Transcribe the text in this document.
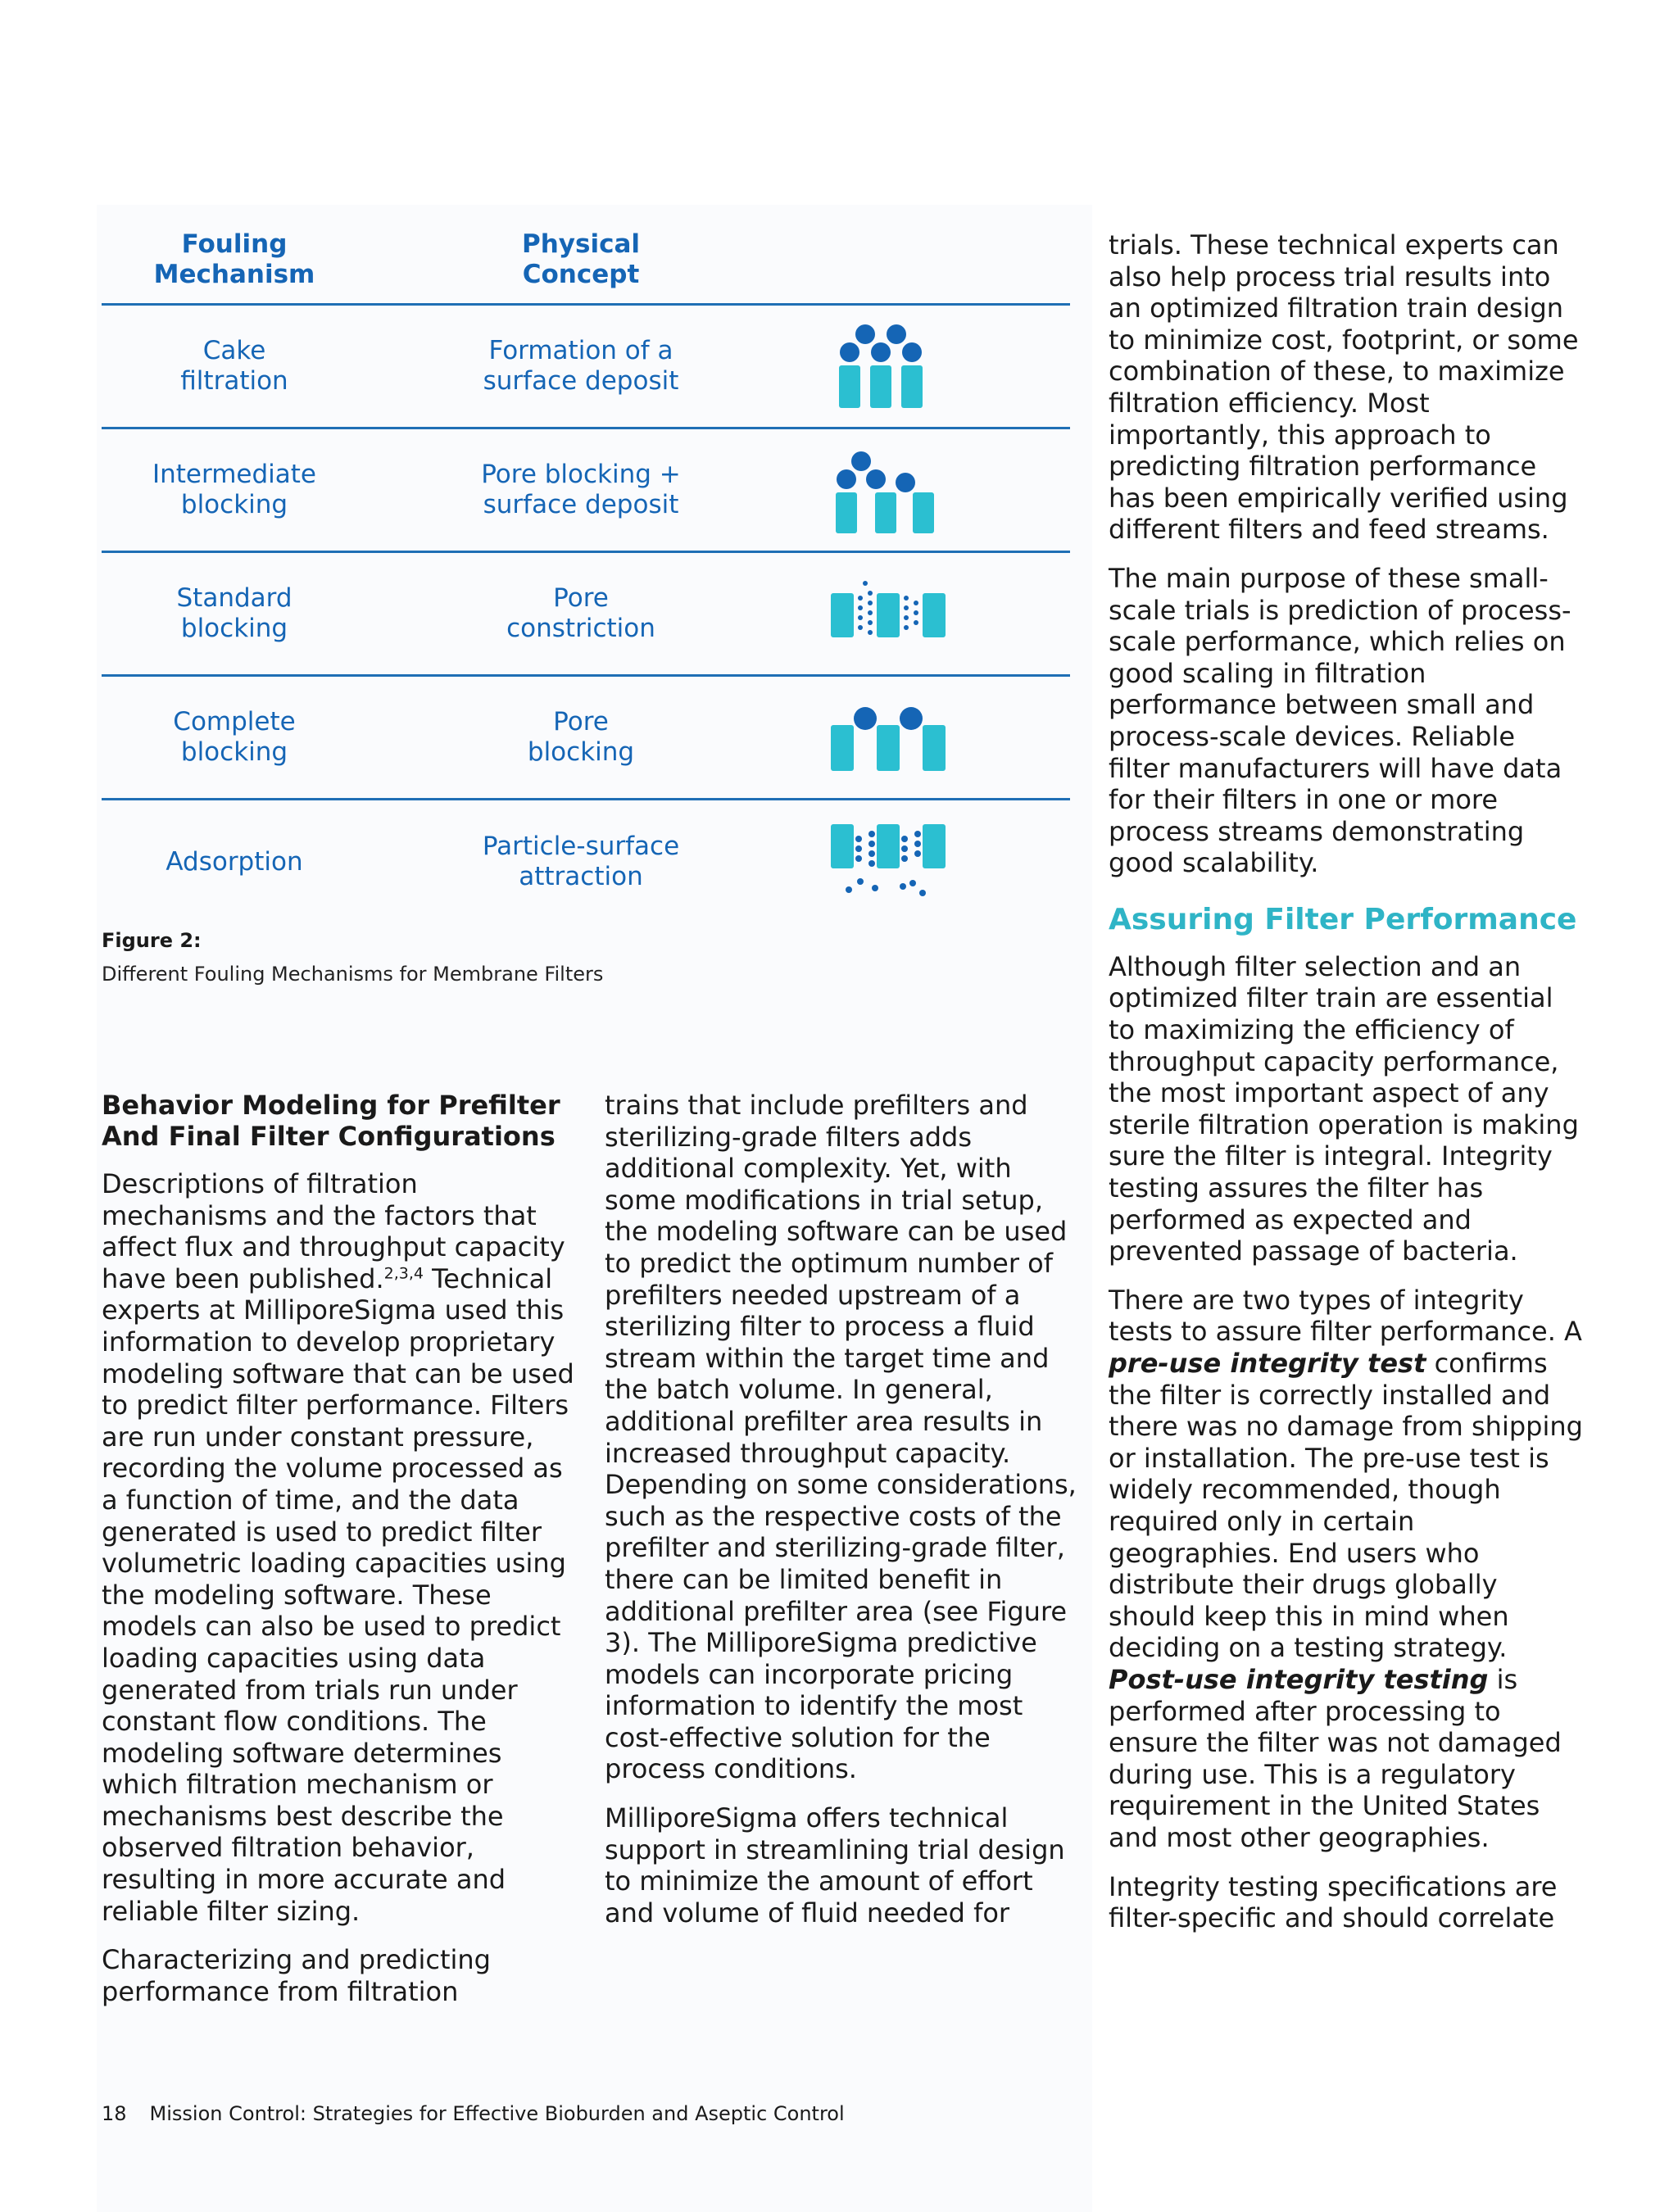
Fouling
Mechanism
Physical
Concept
Cake
filtration
Formation of a
surface deposit
Intermediate
blocking
Pore blocking +
surface deposit
Standard
blocking
Pore
constriction
Complete
blocking
Pore
blocking
Adsorption
Particle-surface
attraction
Figure 2:
Different Fouling Mechanisms for Membrane Filters
Behavior Modeling for Prefilter
And Final Filter Configurations

Descriptions of filtration mechanisms and the factors that affect flux and throughput capacity have been published.$^{2,3,4}$ Technical experts at MilliporeSigma used this information to develop proprietary modeling software that can be used to predict filter performance. Filters are run under constant pressure, recording the volume processed as a function of time, and the data generated is used to predict filter volumetric loading capacities using the modeling software. These models can also be used to predict loading capacities using data generated from trials run under constant flow conditions. The modeling software determines which filtration mechanism or mechanisms best describe the observed filtration behavior, resulting in more accurate and reliable filter sizing.

Characterizing and predicting performance from filtration

trains that include prefilters and sterilizing-grade filters adds additional complexity. Yet, with some modifications in trial setup, the modeling software can be used to predict the optimum number of prefilters needed upstream of a sterilizing filter to process a fluid stream within the target time and the batch volume. In general, additional prefilter area results in increased throughput capacity. Depending on some considerations, such as the respective costs of the prefilter and sterilizing-grade filter, there can be limited benefit in additional prefilter area (see Figure 3). The MilliporeSigma predictive models can incorporate pricing information to identify the most cost-effective solution for the process conditions.

MilliporeSigma offers technical support in streamlining trial design to minimize the amount of effort and volume of fluid needed for

trials. These technical experts can also help process trial results into an optimized filtration train design to minimize cost, footprint, or some combination of these, to maximize filtration efficiency. Most importantly, this approach to predicting filtration performance has been empirically verified using different filters and feed streams.

The main purpose of these small-scale trials is prediction of process-scale performance, which relies on good scaling in filtration performance between small and process-scale devices. Reliable filter manufacturers will have data for their filters in one or more process streams demonstrating good scalability.

Assuring Filter Performance

Although filter selection and an optimized filter train are essential to maximizing the efficiency of throughput capacity performance, the most important aspect of any sterile filtration operation is making sure the filter is integral. Integrity testing assures the filter has performed as expected and prevented passage of bacteria.

There are two types of integrity tests to assure filter performance. A pre-use integrity test confirms the filter is correctly installed and there was no damage from shipping or installation. The pre-use test is widely recommended, though required only in certain geographies. End users who distribute their drugs globally should keep this in mind when deciding on a testing strategy. Post-use integrity testing is performed after processing to ensure the filter was not damaged during use. This is a regulatory requirement in the United States and most other geographies.

Integrity testing specifications are filter-specific and should correlate

18 Mission Control: Strategies for Effective Bioburden and Aseptic Control
